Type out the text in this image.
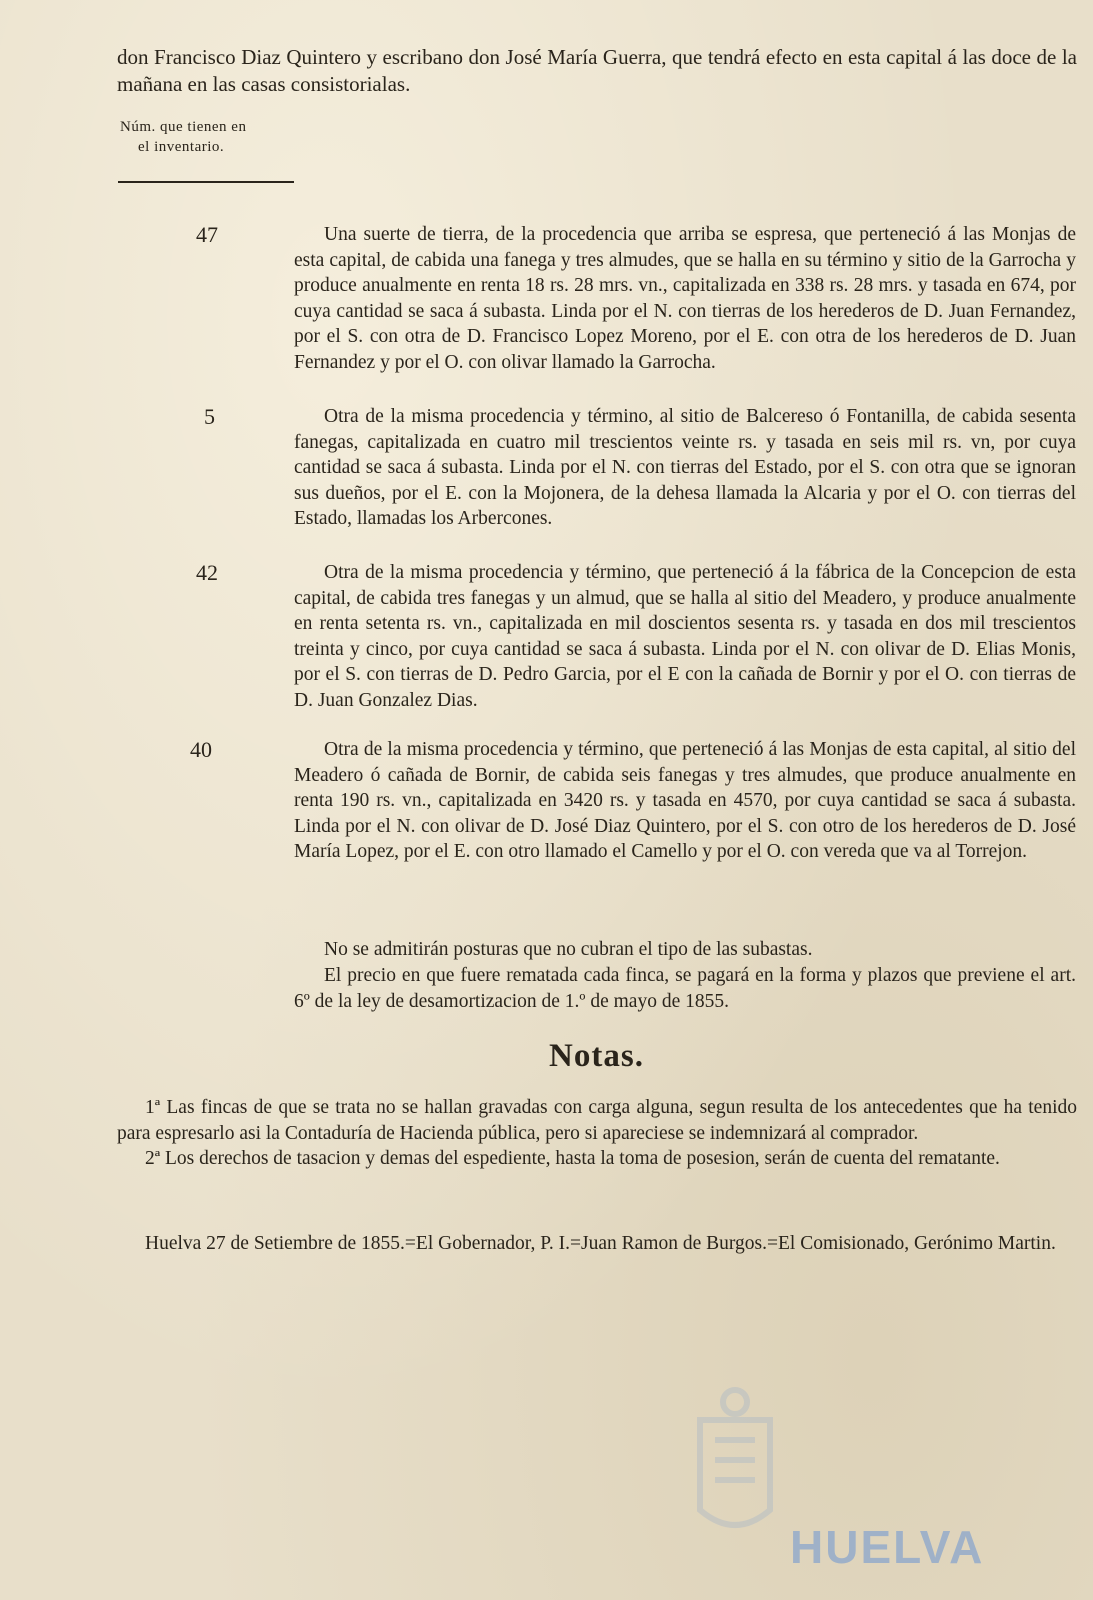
don Francisco Diaz Quintero y escribano don José María Guerra, que tendrá efecto en esta capital á las doce de la mañana en las casas consistorialas.
Núm. que tienen en
el inventario.
47	Una suerte de tierra, de la procedencia que arriba se espresa, que perteneció á las Monjas de esta capital, de cabida una fanega y tres almudes, que se halla en su término y sitio de la Garrocha y produce anualmente en renta 18 rs. 28 mrs. vn., capitalizada en 338 rs. 28 mrs. y tasada en 674, por cuya cantidad se saca á subasta. Linda por el N. con tierras de los herederos de D. Juan Fernandez, por el S. con otra de D. Francisco Lopez Moreno, por el E. con otra de los herederos de D. Juan Fernandez y por el O. con olivar llamado la Garrocha.
5	Otra de la misma procedencia y término, al sitio de Balcereso ó Fontanilla, de cabida sesenta fanegas, capitalizada en cuatro mil trescientos veinte rs. y tasada en seis mil rs. vn, por cuya cantidad se saca á subasta. Linda por el N. con tierras del Estado, por el S. con otra que se ignoran sus dueños, por el E. con la Mojonera, de la dehesa llamada la Alcaria y por el O. con tierras del Estado, llamadas los Arbercones.
42	Otra de la misma procedencia y término, que perteneció á la fábrica de la Concepcion de esta capital, de cabida tres fanegas y un almud, que se halla al sitio del Meadero, y produce anualmente en renta setenta rs. vn., capitalizada en mil doscientos sesenta rs. y tasada en dos mil trescientos treinta y cinco, por cuya cantidad se saca á subasta. Linda por el N. con olivar de D. Elias Monis, por el S. con tierras de D. Pedro Garcia, por el E con la cañada de Bornir y por el O. con tierras de D. Juan Gonzalez Dias.
40	Otra de la misma procedencia y término, que perteneció á las Monjas de esta capital, al sitio del Meadero ó cañada de Bornir, de cabida seis fanegas y tres almudes, que produce anualmente en renta 190 rs. vn., capitalizada en 3420 rs. y tasada en 4570, por cuya cantidad se saca á subasta. Linda por el N. con olivar de D. José Diaz Quintero, por el S. con otro de los herederos de D. José María Lopez, por el E. con otro llamado el Camello y por el O. con vereda que va al Torrejon.

No se admitirán posturas que no cubran el tipo de las subastas.

El precio en que fuere rematada cada finca, se pagará en la forma y plazos que previene el art. 6º de la ley de desamortizacion de 1.º de mayo de 1855.

Notas.

1ª Las fincas de que se trata no se hallan gravadas con carga alguna, segun resulta de los antecedentes que ha tenido para espresarlo asi la Contaduría de Hacienda pública, pero si apareciese se indemnizará al comprador.

2ª Los derechos de tasacion y demas del espediente, hasta la toma de posesion, serán de cuenta del rematante.

Huelva 27 de Setiembre de 1855.=El Gobernador, P. I.=Juan Ramon de Burgos.=El Comisionado, Gerónimo Martin.
HUELVA
